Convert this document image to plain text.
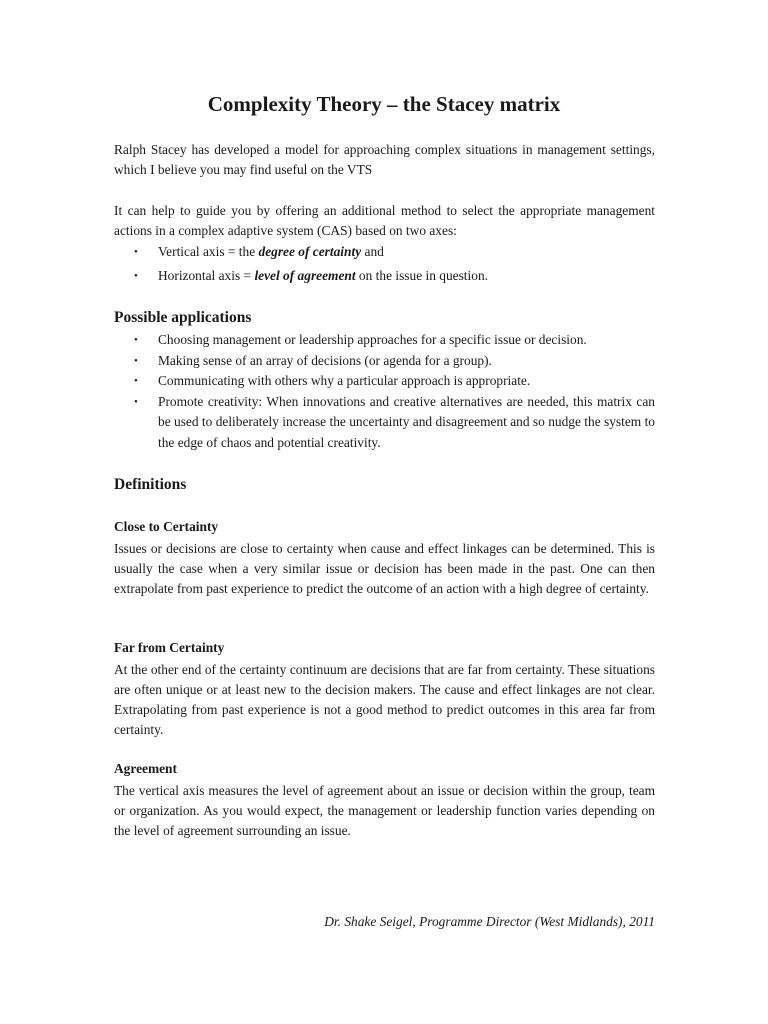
Complexity Theory – the Stacey matrix

Ralph Stacey has developed a model for approaching complex situations in management settings, which I believe you may find useful on the VTS

It can help to guide you by offering an additional method to select the appropriate management actions in a complex adaptive system (CAS) based on two axes:

• Vertical axis = the degree of certainty and
• Horizontal axis = level of agreement on the issue in question.
Possible applications
• Choosing management or leadership approaches for a specific issue or decision.
• Making sense of an array of decisions (or agenda for a group).
• Communicating with others why a particular approach is appropriate.
• Promote creativity: When innovations and creative alternatives are needed, this matrix can be used to deliberately increase the uncertainty and disagreement and so nudge the system to the edge of chaos and potential creativity.
Definitions
Close to Certainty

Issues or decisions are close to certainty when cause and effect linkages can be determined. This is usually the case when a very similar issue or decision has been made in the past. One can then extrapolate from past experience to predict the outcome of an action with a high degree of certainty.

Far from Certainty

At the other end of the certainty continuum are decisions that are far from certainty. These situations are often unique or at least new to the decision makers. The cause and effect linkages are not clear. Extrapolating from past experience is not a good method to predict outcomes in this area far from certainty.

Agreement

The vertical axis measures the level of agreement about an issue or decision within the group, team or organization. As you would expect, the management or leadership function varies depending on the level of agreement surrounding an issue.

Dr. Shake Seigel, Programme Director (West Midlands), 2011
